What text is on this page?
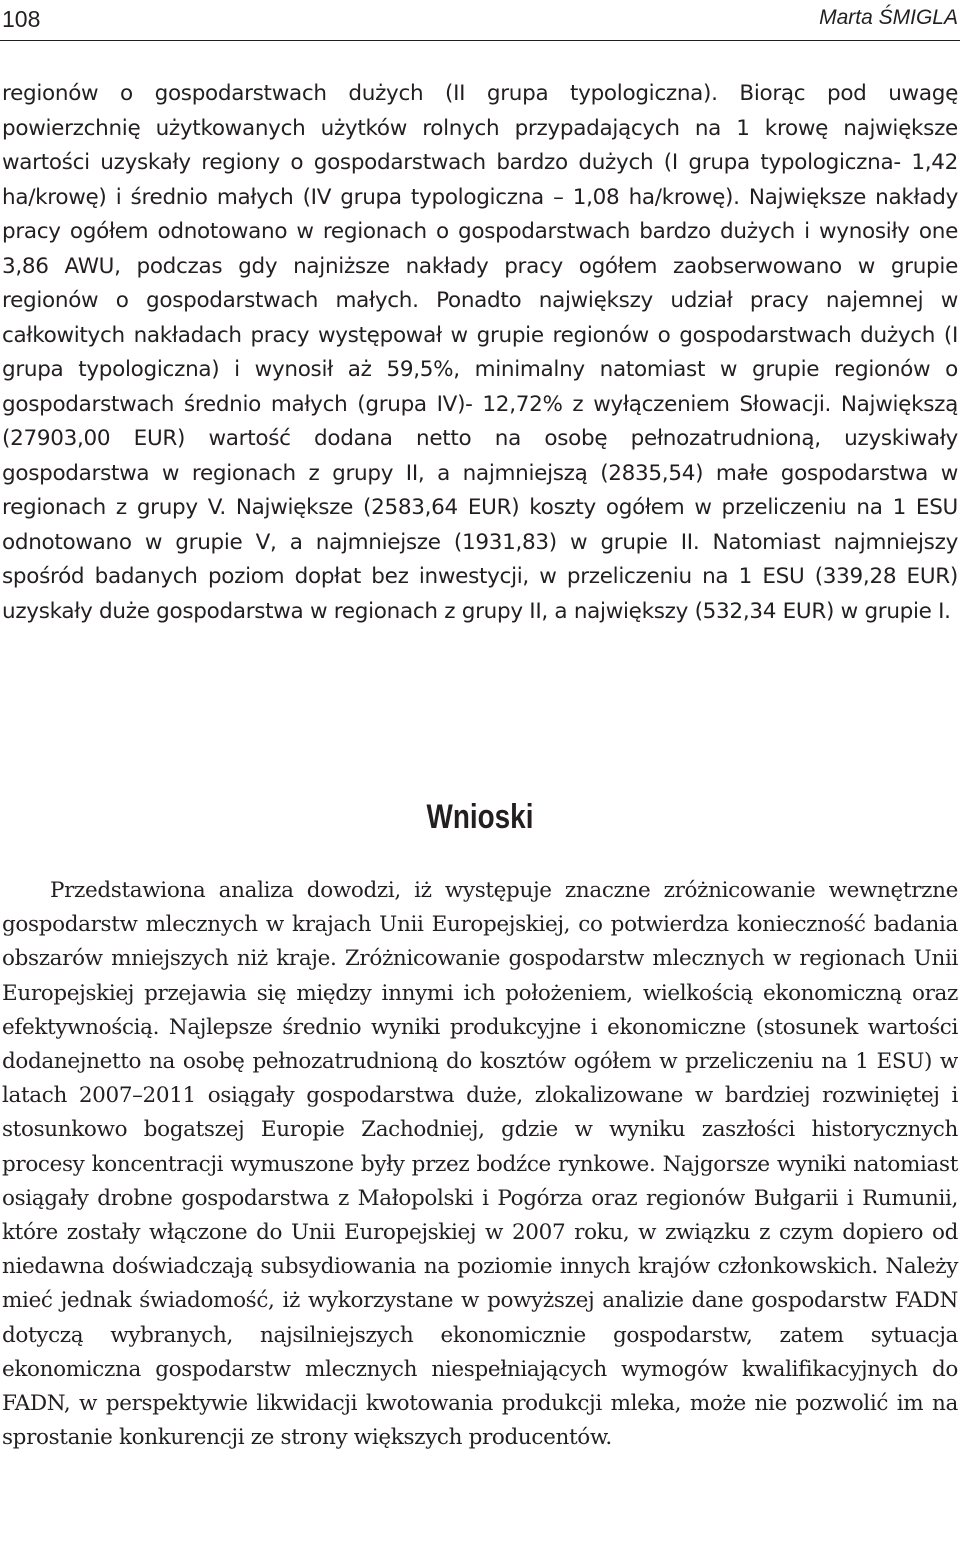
108	Marta ŚMIGLA

regionów o gospodarstwach dużych (II grupa typologiczna). Biorąc pod uwagę powierzchnię użytkowanych użytków rolnych przypadających na 1 krowę największe wartości uzyskały regiony o gospodarstwach bardzo dużych (I grupa typologiczna- 1,42 ha/krowę) i średnio małych (IV grupa typologiczna – 1,08 ha/krowę). Największe nakłady pracy ogółem odnotowano w regionach o gospodarstwach bardzo dużych i wynosiły one 3,86 AWU, podczas gdy najniższe nakłady pracy ogółem zaobserwowano w grupie regionów o gospodarstwach małych. Ponadto największy udział pracy najemnej w całkowitych nakładach pracy występował w grupie regionów o gospodarstwach dużych (I grupa typologiczna) i wynosił aż 59,5%, minimalny natomiast w grupie regionów o gospodarstwach średnio małych (grupa IV)- 12,72% z wyłączeniem Słowacji. Największą (27903,00 EUR) wartość dodana netto na osobę pełnozatrudnioną, uzyskiwały gospodarstwa w regionach z grupy II, a najmniejszą (2835,54) małe gospodarstwa w regionach z grupy V. Największe (2583,64 EUR) koszty ogółem w przeliczeniu na 1 ESU odnotowano w grupie V, a najmniejsze (1931,83) w grupie II. Natomiast najmniejszy spośród badanych poziom dopłat bez inwestycji, w przeliczeniu na 1 ESU (339,28 EUR) uzyskały duże gospodarstwa w regionach z grupy II, a największy (532,34 EUR) w grupie I.

Wnioski

Przedstawiona analiza dowodzi, iż występuje znaczne zróżnicowanie wewnętrzne gospodarstw mlecznych w krajach Unii Europejskiej, co potwierdza konieczność badania obszarów mniejszych niż kraje. Zróżnicowanie gospodarstw mlecznych w regionach Unii Europejskiej przejawia się między innymi ich położeniem, wielkością ekonomiczną oraz efektywnością. Najlepsze średnio wyniki produkcyjne i ekonomiczne (stosunek wartości dodanejnetto na osobę pełnozatrudnioną do kosztów ogółem w przeliczeniu na 1 ESU) w latach 2007–2011 osiągały gospodarstwa duże, zlokalizowane w bardziej rozwiniętej i stosunkowo bogatszej Europie Zachodniej, gdzie w wyniku zaszłości historycznych procesy koncentracji wymuszone były przez bodźce rynkowe. Najgorsze wyniki natomiast osiągały drobne gospodarstwa z Małopolski i Pogórza oraz regionów Bułgarii i Rumunii, które zostały włączone do Unii Europejskiej w 2007 roku, w związku z czym dopiero od niedawna doświadczają subsydiowania na poziomie innych krajów członkowskich. Należy mieć jednak świadomość, iż wykorzystane w powyższej analizie dane gospodarstw FADN dotyczą wybranych, najsilniejszych ekonomicznie gospodarstw, zatem sytuacja ekonomiczna gospodarstw mlecznych niespełniających wymogów kwalifikacyjnych do FADN, w perspektywie likwidacji kwotowania produkcji mleka, może nie pozwolić im na sprostanie konkurencji ze strony większych producentów.
